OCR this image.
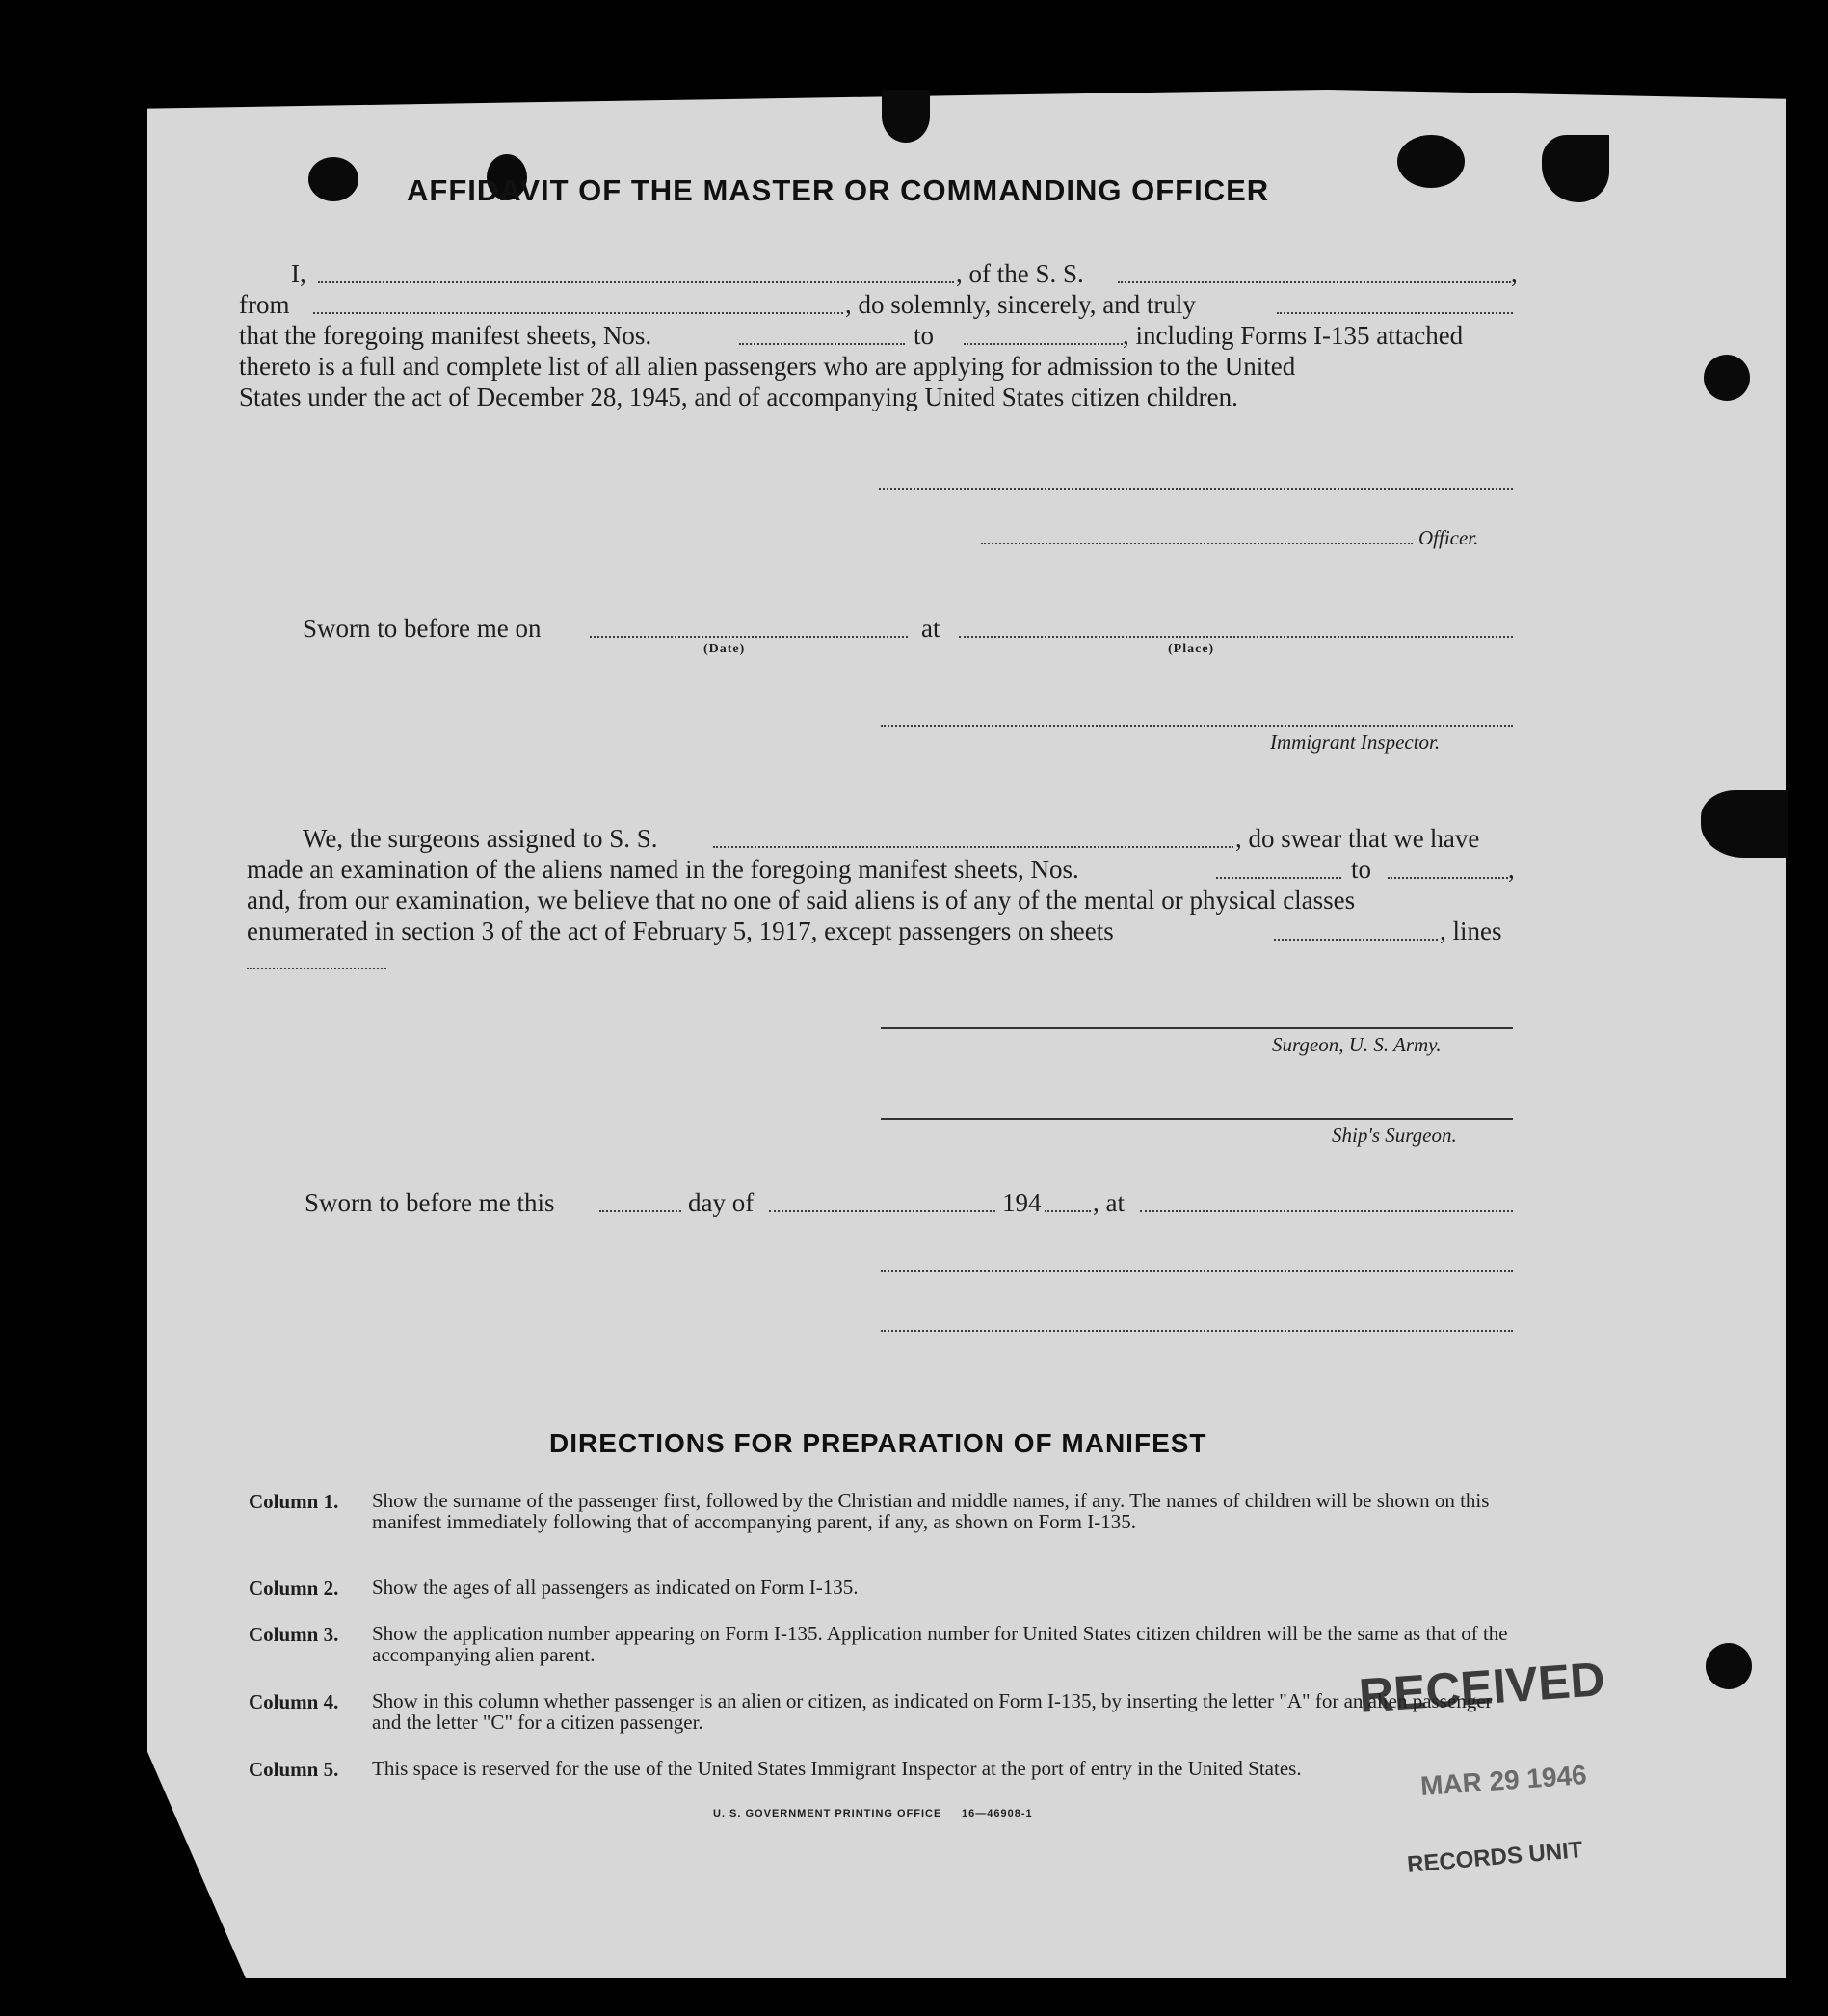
AFFIDAVIT OF THE MASTER OR COMMANDING OFFICER
I,	, of the S. S.	,
from	, do solemnly, sincerely, and truly
that the foregoing manifest sheets, Nos.	to	, including Forms I-135 attached
thereto is a full and complete list of all alien passengers who are applying for admission to the United
States under the act of December 28, 1945, and of accompanying United States citizen children.
Officer.
Sworn to before me on
(Date)
at
(Place)
Immigrant Inspector.
We, the surgeons assigned to S. S.	, do swear that we have
made an examination of the aliens named in the foregoing manifest sheets, Nos.	to	,
and, from our examination, we believe that no one of said aliens is of any of the mental or physical classes
enumerated in section 3 of the act of February 5, 1917, except passengers on sheets	, lines
Surgeon, U. S. Army.
Ship's Surgeon.
Sworn to before me this	day of	194 , at
DIRECTIONS FOR PREPARATION OF MANIFEST
Column 1. Show the surname of the passenger first, followed by the Christian and middle names, if any. The names of children will be shown on this manifest immediately following that of accompanying parent, if any, as shown on Form I-135.
Column 2. Show the ages of all passengers as indicated on Form I-135.
Column 3. Show the application number appearing on Form I-135. Application number for United States citizen children will be the same as that of the accompanying alien parent.
Column 4. Show in this column whether passenger is an alien or citizen, as indicated on Form I-135, by inserting the letter "A" for an alien passenger and the letter "C" for a citizen passenger.
Column 5. This space is reserved for the use of the United States Immigrant Inspector at the port of entry in the United States.
U. S. GOVERNMENT PRINTING OFFICE 16—46908-1
RECEIVED
MAR 29 1946
RECORDS UNIT
